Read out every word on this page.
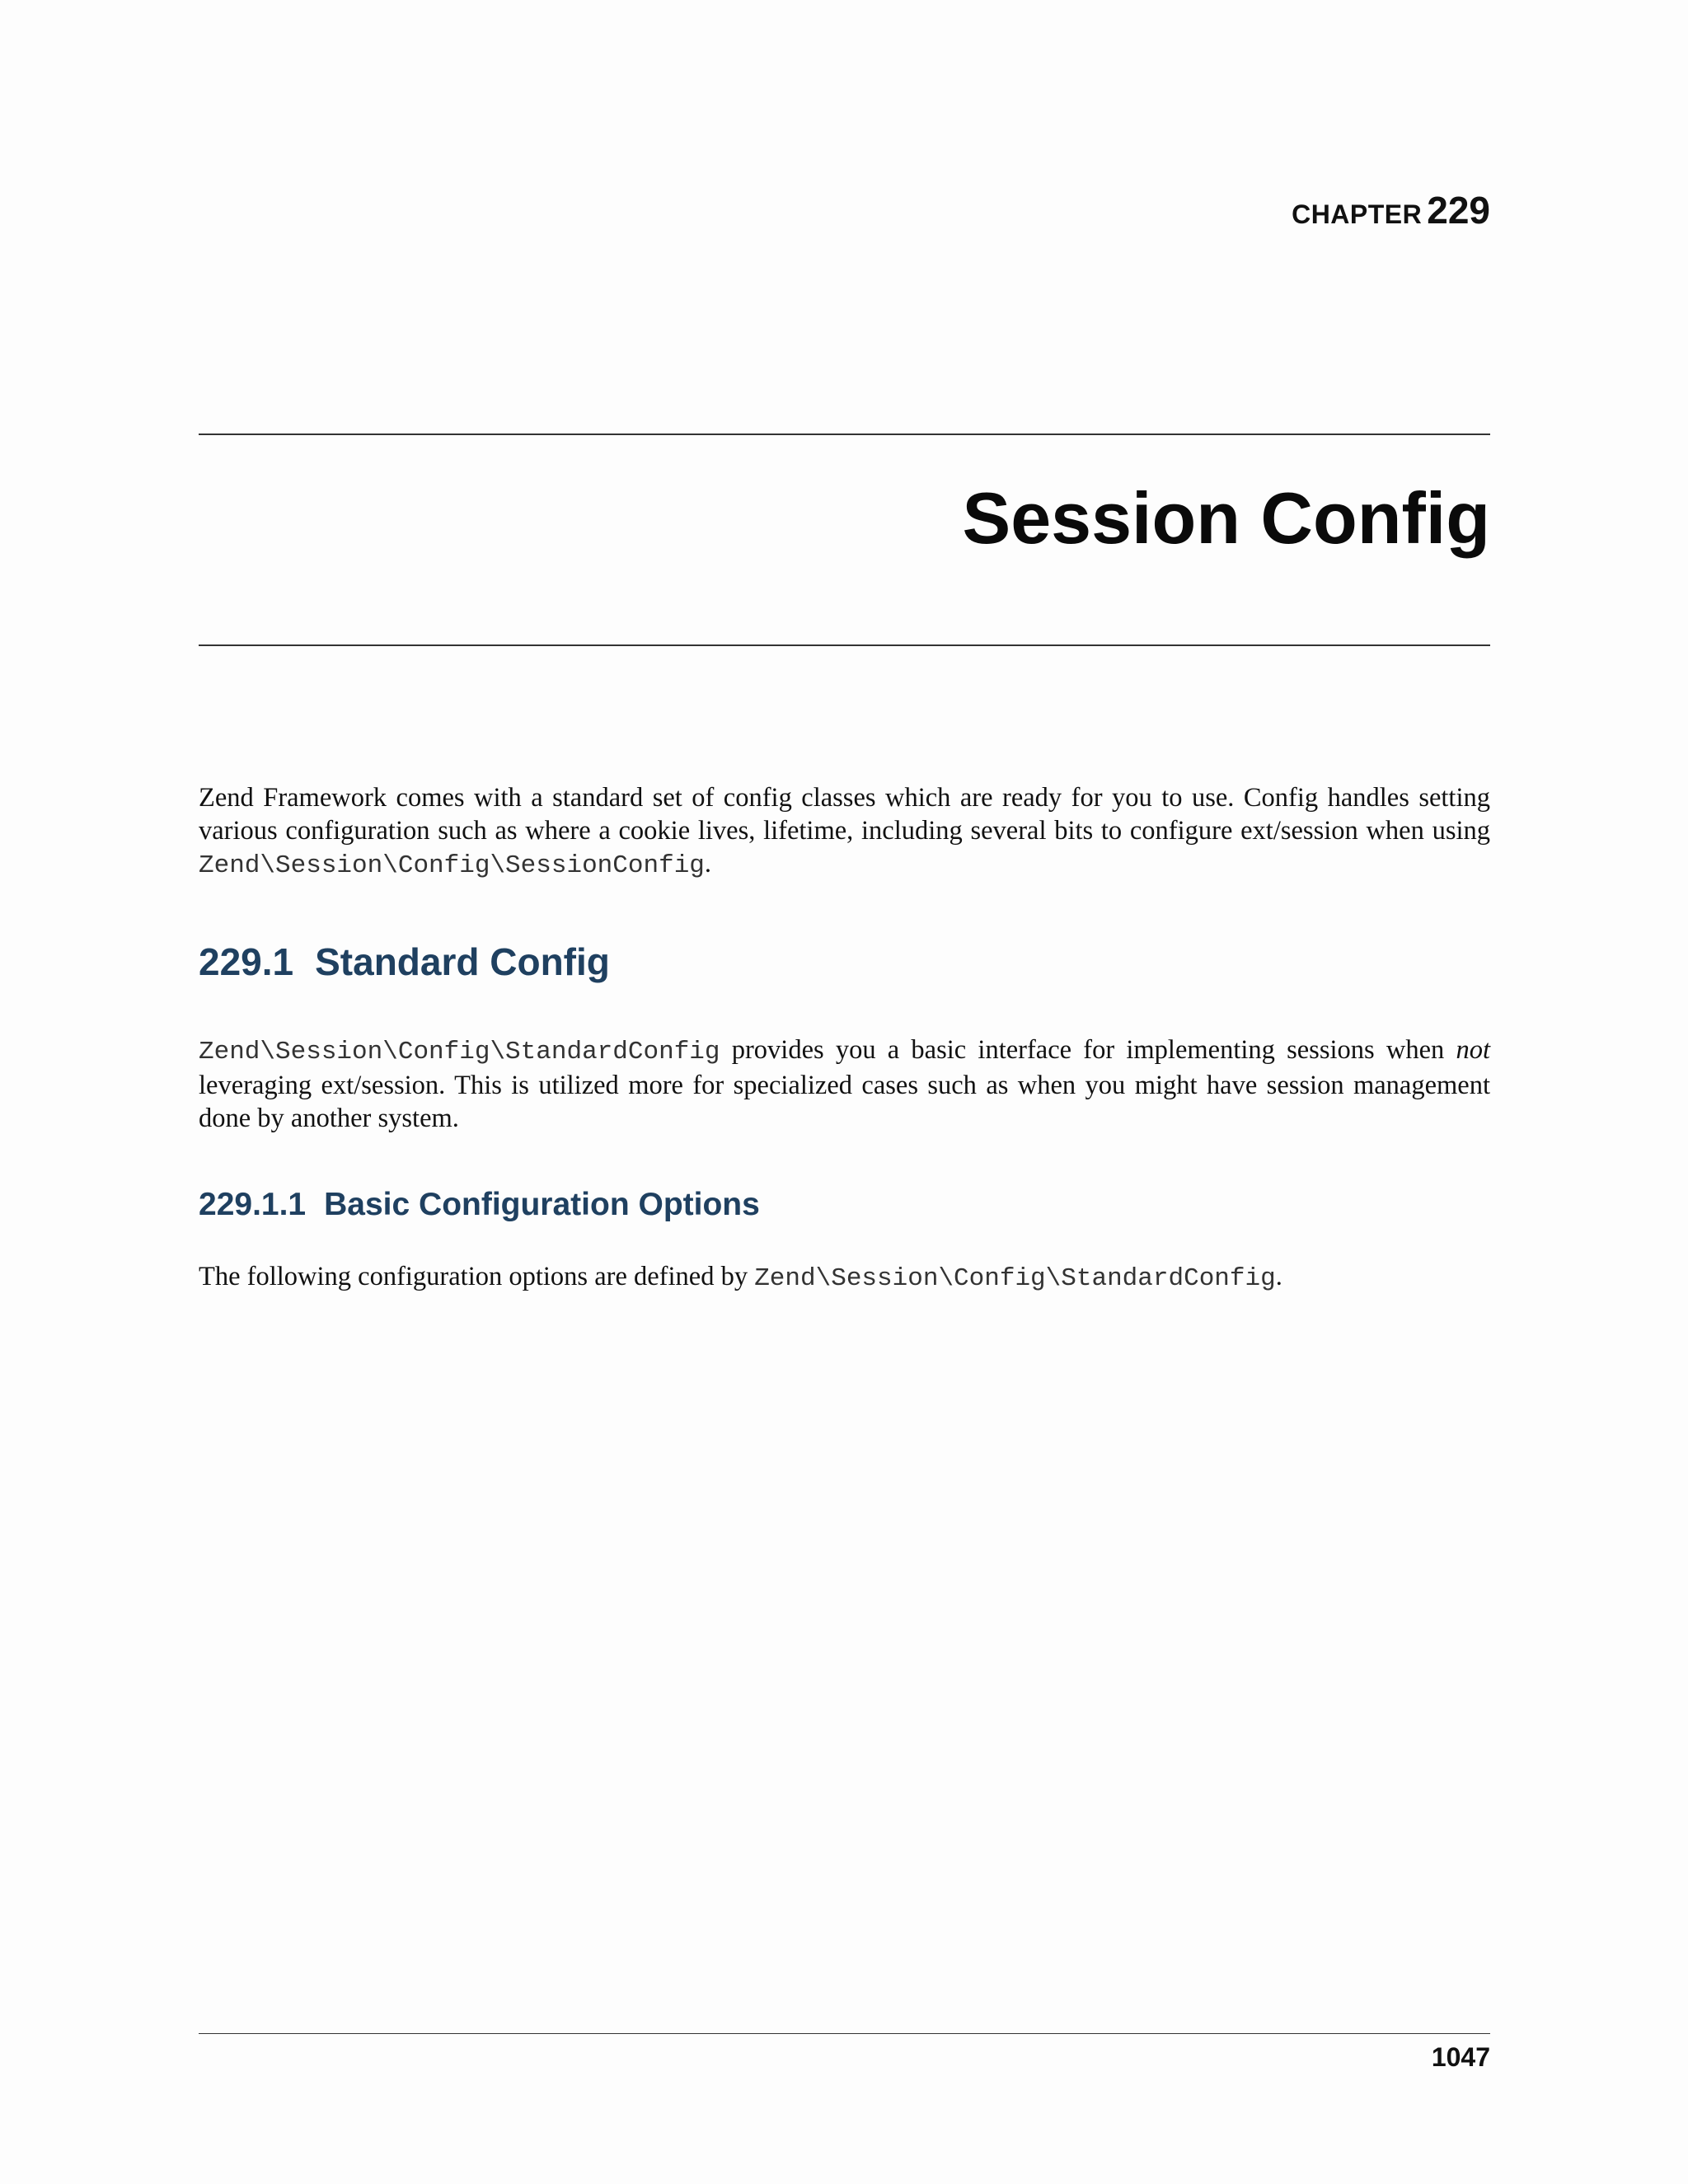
CHAPTER 229
Session Config

Zend Framework comes with a standard set of config classes which are ready for you to use. Config handles setting various configuration such as where a cookie lives, lifetime, including several bits to configure ext/session when using Zend\Session\Config\SessionConfig.

229.1 Standard Config

Zend\Session\Config\StandardConfig provides you a basic interface for implementing sessions when not leveraging ext/session. This is utilized more for specialized cases such as when you might have session management done by another system.

229.1.1 Basic Configuration Options

The following configuration options are defined by Zend\Session\Config\StandardConfig.

1047
